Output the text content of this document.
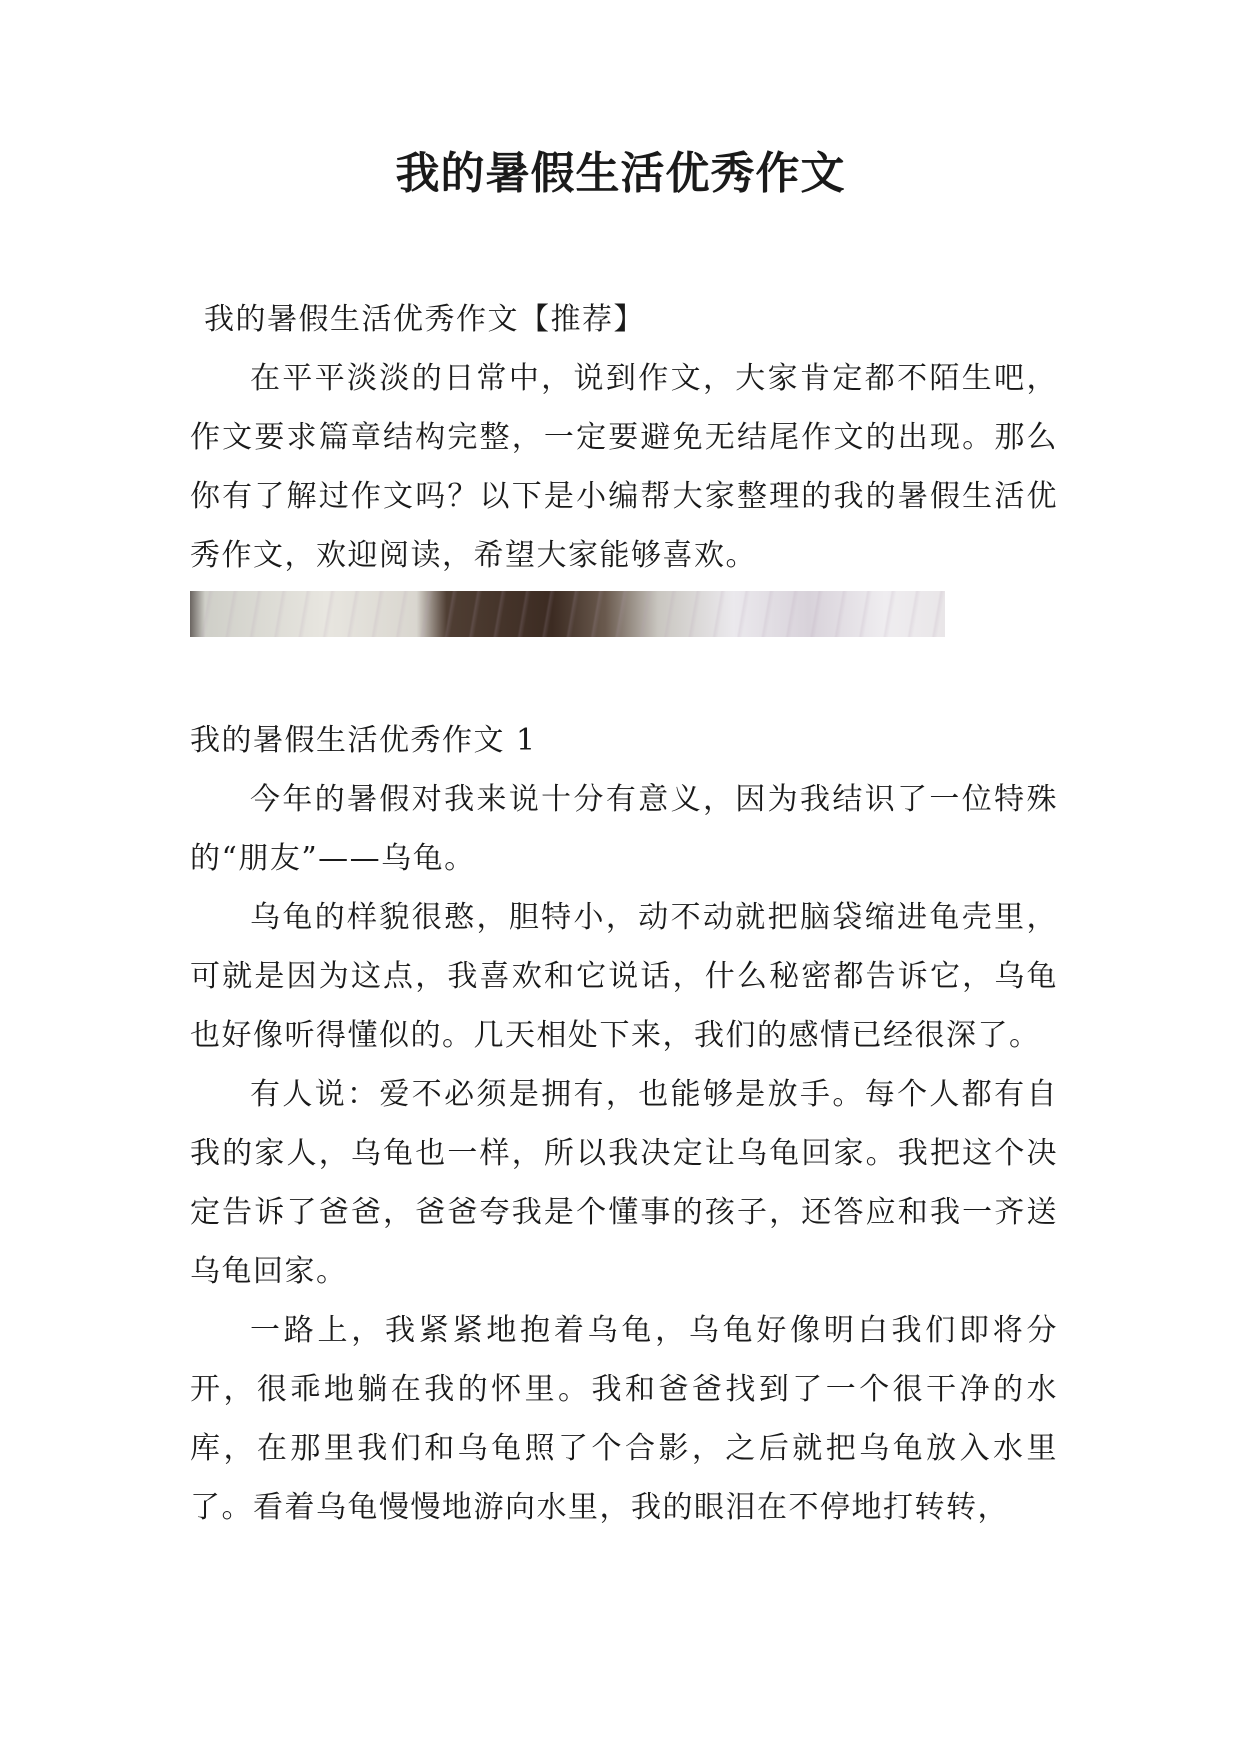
我的暑假生活优秀作文

我的暑假生活优秀作文【推荐】

在平平淡淡的日常中，说到作文，大家肯定都不陌生吧，作文要求篇章结构完整，一定要避免无结尾作文的出现。那么你有了解过作文吗？以下是小编帮大家整理的我的暑假生活优秀作文，欢迎阅读，希望大家能够喜欢。

我的暑假生活优秀作文 1

今年的暑假对我来说十分有意义，因为我结识了一位特殊的“朋友”——乌龟。

乌龟的样貌很憨，胆特小，动不动就把脑袋缩进龟壳里，可就是因为这点，我喜欢和它说话，什么秘密都告诉它，乌龟也好像听得懂似的。几天相处下来，我们的感情已经很深了。

有人说：爱不必须是拥有，也能够是放手。每个人都有自我的家人，乌龟也一样，所以我决定让乌龟回家。我把这个决定告诉了爸爸，爸爸夸我是个懂事的孩子，还答应和我一齐送乌龟回家。

一路上，我紧紧地抱着乌龟，乌龟好像明白我们即将分开，很乖地躺在我的怀里。我和爸爸找到了一个很干净的水库，在那里我们和乌龟照了个合影，之后就把乌龟放入水里了。看着乌龟慢慢地游向水里，我的眼泪在不停地打转转，
